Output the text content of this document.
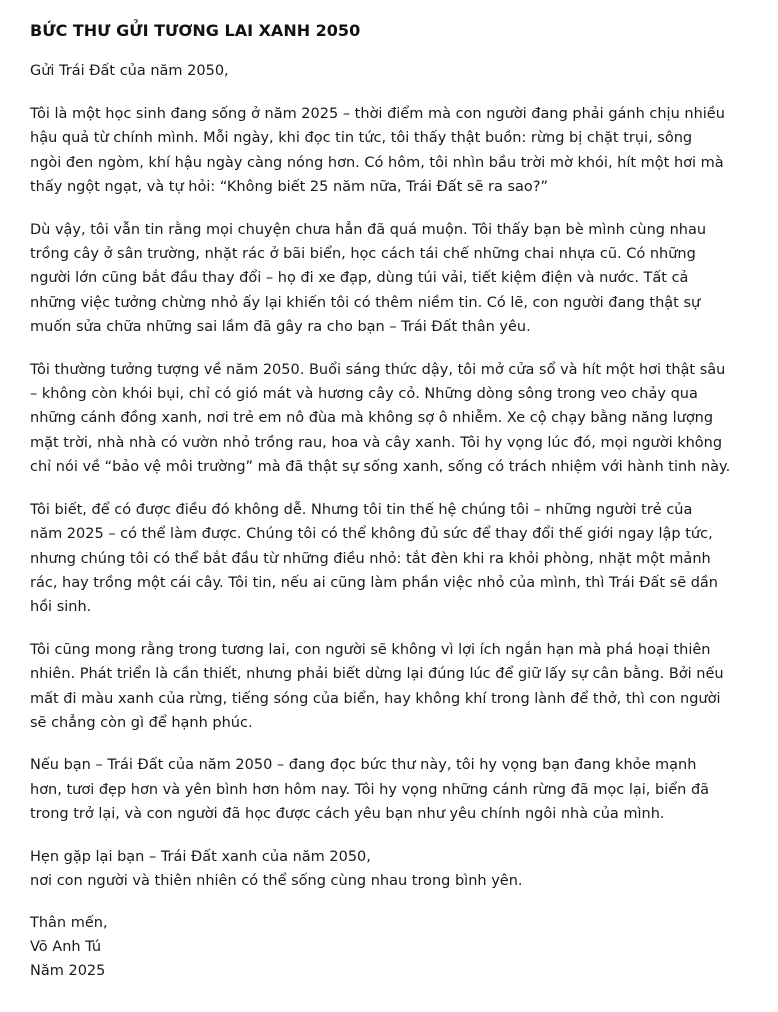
BỨC THƯ GỬI TƯƠNG LAI XANH 2050

Gửi Trái Đất của năm 2050,

Tôi là một học sinh đang sống ở năm 2025 – thời điểm mà con người đang phải gánh chịu nhiều
hậu quả từ chính mình. Mỗi ngày, khi đọc tin tức, tôi thấy thật buồn: rừng bị chặt trụi, sông
ngòi đen ngòm, khí hậu ngày càng nóng hơn. Có hôm, tôi nhìn bầu trời mờ khói, hít một hơi mà
thấy ngột ngạt, và tự hỏi: “Không biết 25 năm nữa, Trái Đất sẽ ra sao?”

Dù vậy, tôi vẫn tin rằng mọi chuyện chưa hẳn đã quá muộn. Tôi thấy bạn bè mình cùng nhau
trồng cây ở sân trường, nhặt rác ở bãi biển, học cách tái chế những chai nhựa cũ. Có những
người lớn cũng bắt đầu thay đổi – họ đi xe đạp, dùng túi vải, tiết kiệm điện và nước. Tất cả
những việc tưởng chừng nhỏ ấy lại khiến tôi có thêm niềm tin. Có lẽ, con người đang thật sự
muốn sửa chữa những sai lầm đã gây ra cho bạn – Trái Đất thân yêu.

Tôi thường tưởng tượng về năm 2050. Buổi sáng thức dậy, tôi mở cửa sổ và hít một hơi thật sâu
– không còn khói bụi, chỉ có gió mát và hương cây cỏ. Những dòng sông trong veo chảy qua
những cánh đồng xanh, nơi trẻ em nô đùa mà không sợ ô nhiễm. Xe cộ chạy bằng năng lượng
mặt trời, nhà nhà có vườn nhỏ trồng rau, hoa và cây xanh. Tôi hy vọng lúc đó, mọi người không
chỉ nói về “bảo vệ môi trường” mà đã thật sự sống xanh, sống có trách nhiệm với hành tinh này.

Tôi biết, để có được điều đó không dễ. Nhưng tôi tin thế hệ chúng tôi – những người trẻ của
năm 2025 – có thể làm được. Chúng tôi có thể không đủ sức để thay đổi thế giới ngay lập tức,
nhưng chúng tôi có thể bắt đầu từ những điều nhỏ: tắt đèn khi ra khỏi phòng, nhặt một mảnh
rác, hay trồng một cái cây. Tôi tin, nếu ai cũng làm phần việc nhỏ của mình, thì Trái Đất sẽ dần
hồi sinh.

Tôi cũng mong rằng trong tương lai, con người sẽ không vì lợi ích ngắn hạn mà phá hoại thiên
nhiên. Phát triển là cần thiết, nhưng phải biết dừng lại đúng lúc để giữ lấy sự cân bằng. Bởi nếu
mất đi màu xanh của rừng, tiếng sóng của biển, hay không khí trong lành để thở, thì con người
sẽ chẳng còn gì để hạnh phúc.

Nếu bạn – Trái Đất của năm 2050 – đang đọc bức thư này, tôi hy vọng bạn đang khỏe mạnh
hơn, tươi đẹp hơn và yên bình hơn hôm nay. Tôi hy vọng những cánh rừng đã mọc lại, biển đã
trong trở lại, và con người đã học được cách yêu bạn như yêu chính ngôi nhà của mình.

Hẹn gặp lại bạn – Trái Đất xanh của năm 2050,
nơi con người và thiên nhiên có thể sống cùng nhau trong bình yên.

Thân mến,
Võ Anh Tú
Năm 2025
